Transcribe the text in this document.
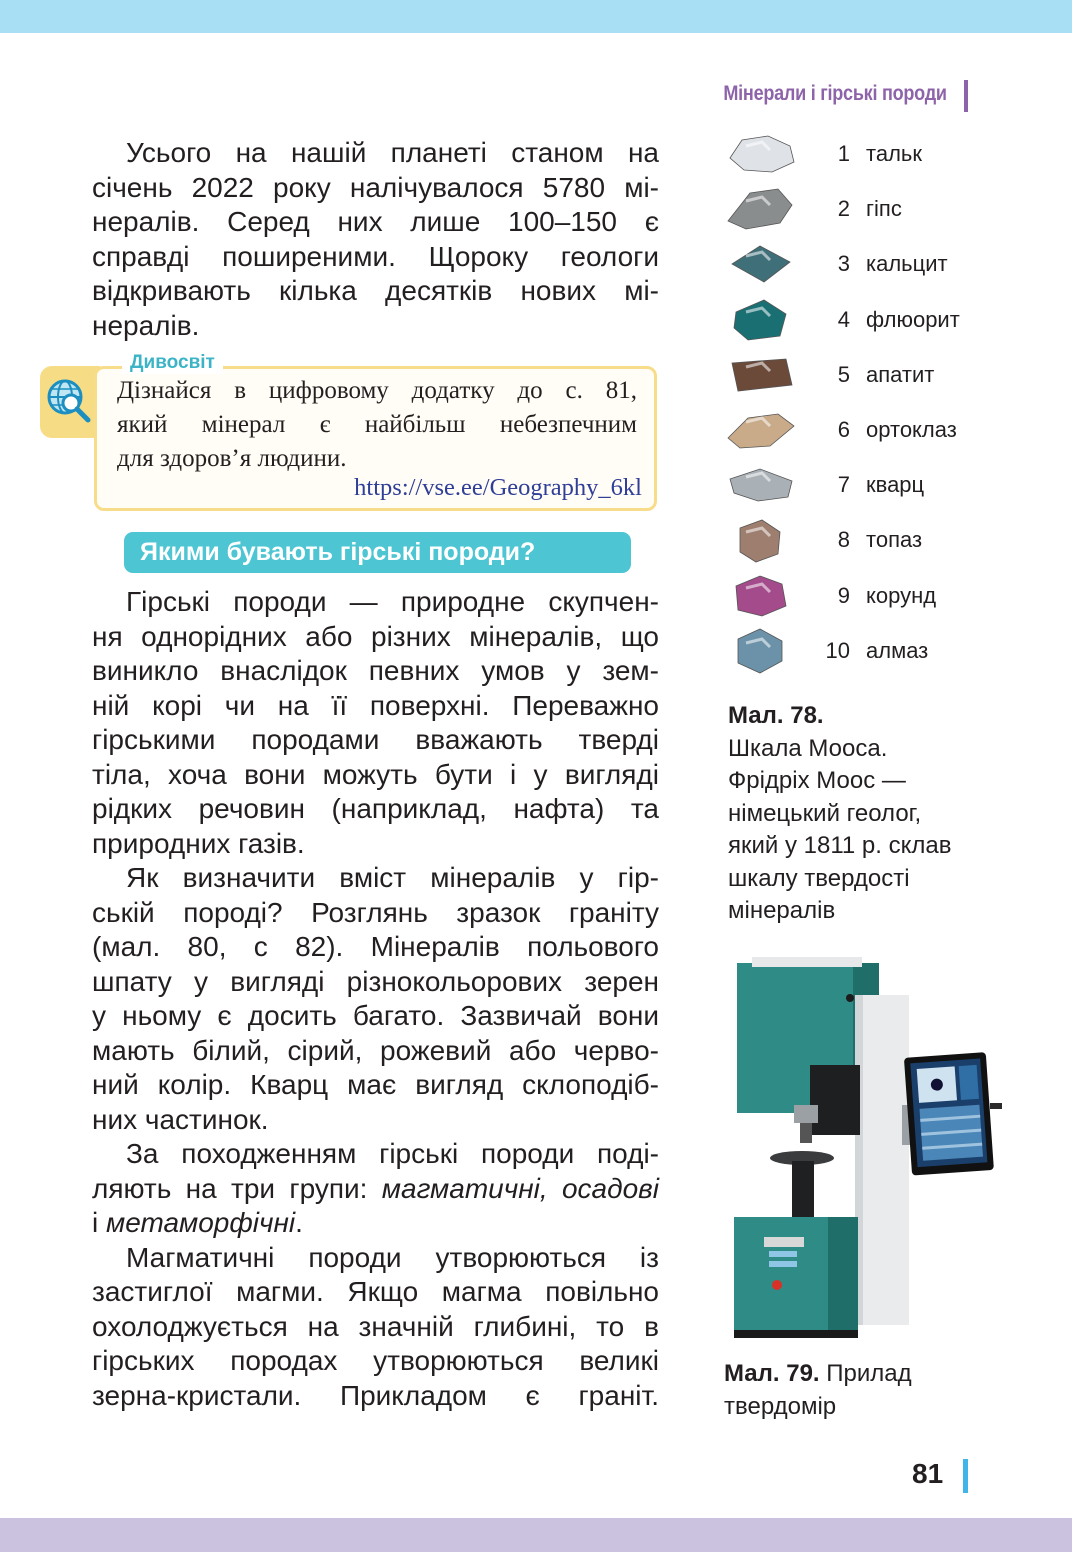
Мінерали і гірські породи

Усього на нашій планеті станом на

січень 2022 року налічувалося 5780 мі-

нералів. Серед них лише 100–150 є

справді поширеними. Щороку геологи

відкривають кілька десятків нових мі-

нералів.

Дивосвіт

Дізнайся в цифровому додатку до с. 81,

який мінерал є найбільш небезпечним

для здоров’я людини.

https://vse.ee/Geography_6kl
Якими бувають гірські породи?

Гірські породи — природне скупчен-

ня однорідних або різних мінералів, що

виникло внаслідок певних умов у зем-

ній корі чи на її поверхні. Переважно

гірськими породами вважають тверді

тіла, хоча вони можуть бути і у вигляді

рідких речовин (наприклад, нафта) та

природних газів.

Як визначити вміст мінералів у гір-

ській породі? Розглянь зразок граніту

(мал. 80, с 82). Мінералів польового

шпату у вигляді різнокольорових зерен

у ньому є досить багато. Зазвичай вони

мають білий, сірий, рожевий або черво-

ний колір. Кварц має вигляд склоподіб-

них частинок.

За походженням гірські породи поді-

ляють на три групи: магматичні, осадові

і метаморфічні.

Магматичні породи утворюються із

застиглої магми. Якщо магма повільно

охолоджується на значній глибині, то в

гірських породах утворюються великі

зерна-кристали. Прикладом є граніт.

1 тальк
2 гіпс
3 кальцит
4 флюорит
5 апатит
6 ортоклаз
7 кварц
8 топаз
9 корунд
10 алмаз
Мал. 78.
Шкала Мооса.
Фрідріх Моос —
німецький геолог,
який у 1811 р. склав
шкалу твердості
мінералів
Мал. 79. Прилад
твердомір
81
